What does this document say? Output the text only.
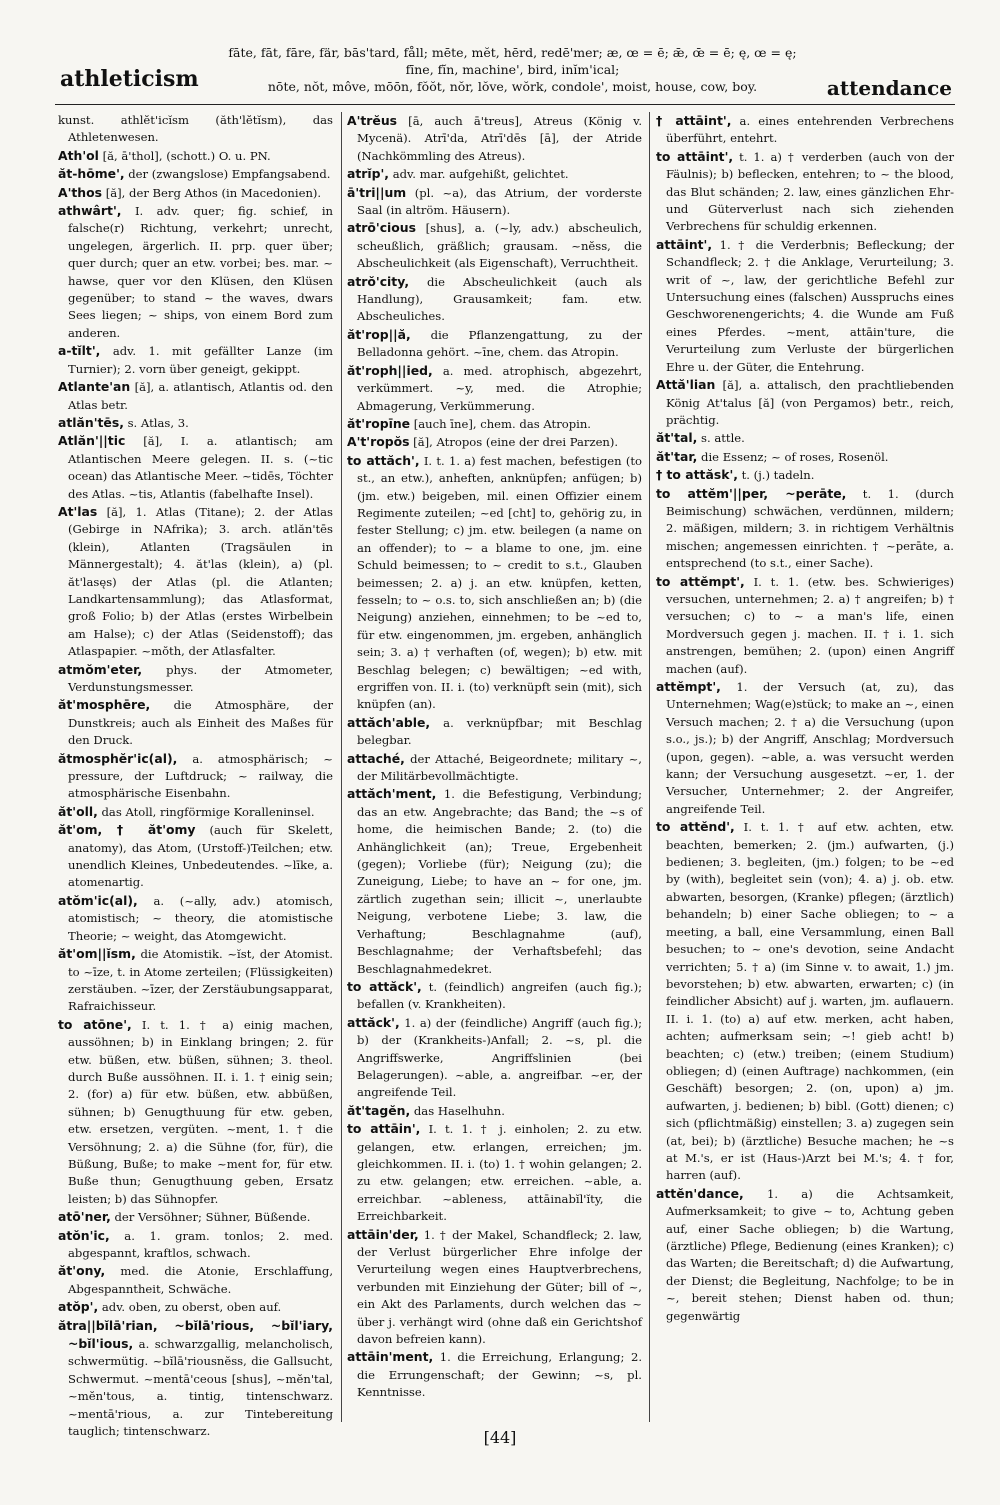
athleticism
fāte, fāt, fāre, fär, bās'tard, fåll; mēte, mĕt, hērd, redē'mer; æ, œ = ē; ǣ, œ̄ = ē; ę, œ = ę;
fīne, fĭn, machine', bird, inĭm'ical;
nōte, nŏt, môve, mōōn, fŏŏt, nŏr, lŏve, wŏrk, condole', moist, house, cow, boy.	attendance

kunst. athlĕt'icĭsm (ăth'lĕtĭsm), das Athletenwesen.

Ath'ol [ă, ā'thol], (schott.) O. u. PN.

ăt-hōme', der (zwangslose) Empfangsabend.

A'thos [ă], der Berg Athos (in Macedonien).

athwârt', I. adv. quer; fig. schief, in falsche(r) Richtung, verkehrt; unrecht, ungelegen, ärgerlich. II. prp. quer über; quer durch; quer an etw. vorbei; bes. mar. ~ hawse, quer vor den Klüsen, den Klüsen gegenüber; to stand ~ the waves, dwars Sees liegen; ~ ships, von einem Bord zum anderen.

a-tĭlt', adv. 1. mit gefällter Lanze (im Turnier); 2. vorn über geneigt, gekippt.

Atlante'an [ă], a. atlantisch, Atlantis od. den Atlas betr.

atlăn'tēs, s. Atlas, 3.

Atlăn'||tic [ă], I. a. atlantisch; am Atlantischen Meere gelegen. II. s. (~tic ocean) das Atlantische Meer. ~tidēs, Töchter des Atlas. ~tis, Atlantis (fabelhafte Insel).

At'las [ă], 1. Atlas (Titane); 2. der Atlas (Gebirge in NAfrika); 3. arch. atlăn'tēs (klein), Atlanten (Tragsäulen in Männergestalt); 4. ăt'las (klein), a) (pl. ăt'lasęs) der Atlas (pl. die Atlanten; Landkartensammlung); das Atlasformat, groß Folio; b) der Atlas (erstes Wirbelbein am Halse); c) der Atlas (Seidenstoff); das Atlaspapier. ~mŏth, der Atlasfalter.

atmŏm'eter, phys. der Atmometer, Verdunstungsmesser.

ăt'mosphēre, die Atmosphäre, der Dunstkreis; auch als Einheit des Maßes für den Druck.

ătmosphĕr'ic(al), a. atmosphärisch; ~ pressure, der Luftdruck; ~ railway, die atmosphärische Eisenbahn.

ăt'oll, das Atoll, ringförmige Koralleninsel.

ăt'om, † ăt'omy (auch für Skelett, anatomy), das Atom, (Urstoff-)Teilchen; etw. unendlich Kleines, Unbedeutendes. ~līke, a. atomenartig.

atŏm'ic(al), a. (~ally, adv.) atomisch, atomistisch; ~ theory, die atomistische Theorie; ~ weight, das Atomgewicht.

ăt'om||ĭsm, die Atomistik. ~ĭst, der Atomist. to ~īze, t. in Atome zerteilen; (Flüssigkeiten) zerstäuben. ~īzer, der Zerstäubungsapparat, Rafraichisseur.

to atōne', I. t. 1. † a) einig machen, aussöhnen; b) in Einklang bringen; 2. für etw. büßen, etw. büßen, sühnen; 3. theol. durch Buße aussöhnen. II. i. 1. † einig sein; 2. (for) a) für etw. büßen, etw. abbüßen, sühnen; b) Genugthuung für etw. geben, etw. ersetzen, vergüten. ~ment, 1. † die Versöhnung; 2. a) die Sühne (for, für), die Büßung, Buße; to make ~ment for, für etw. Buße thun; Genugthuung geben, Ersatz leisten; b) das Sühnopfer.

atō'ner, der Versöhner; Sühner, Büßende.

atŏn'ic, a. 1. gram. tonlos; 2. med. abgespannt, kraftlos, schwach.

ăt'ony, med. die Atonie, Erschlaffung, Abgespanntheit, Schwäche.

atŏp', adv. oben, zu oberst, oben auf.

ătra||bĭlā'rian, ~bĭlā'rious, ~bĭl'iary, ~bĭl'ious, a. schwarzgallig, melancholisch, schwermütig. ~bĭlā'riousnĕss, die Gallsucht, Schwermut. ~mentā'ceous [shus], ~mĕn'tal, ~mĕn'tous, a. tintig, tintenschwarz. ~mentā'rious, a. zur Tintebereitung tauglich; tintenschwarz.

A'trĕus [ā, auch ā'treus], Atreus (König v. Mycenä). Atrī'da, Atrī'dēs [ā], der Atride (Nachkömmling des Atreus).

atrĭp', adv. mar. aufgehißt, gelichtet.

ā'tri||um (pl. ~a), das Atrium, der vorderste Saal (in altröm. Häusern).

atrō'cious [shus], a. (~ly, adv.) abscheulich, scheußlich, gräßlich; grausam. ~nĕss, die Abscheulichkeit (als Eigenschaft), Verruchtheit.

atrŏ'city, die Abscheulichkeit (auch als Handlung), Grausamkeit; fam. etw. Abscheuliches.

ăt'rop||ă, die Pflanzengattung, zu der Belladonna gehört. ~īne, chem. das Atropin.

ăt'roph||ied, a. med. atrophisch, abgezehrt, verkümmert. ~y, med. die Atrophie; Abmagerung, Verkümmerung.

ăt'ropīne [auch īne], chem. das Atropin.

A't'ropŏs [ă], Atropos (eine der drei Parzen).

to attăch', I. t. 1. a) fest machen, befestigen (to st., an etw.), anheften, anknüpfen; anfügen; b) (jm. etw.) beigeben, mil. einen Offizier einem Regimente zuteilen; ~ed [cht] to, gehörig zu, in fester Stellung; c) jm. etw. beilegen (a name on an offender); to ~ a blame to one, jm. eine Schuld beimessen; to ~ credit to s.t., Glauben beimessen; 2. a) j. an etw. knüpfen, ketten, fesseln; to ~ o.s. to, sich anschließen an; b) (die Neigung) anziehen, einnehmen; to be ~ed to, für etw. eingenommen, jm. ergeben, anhänglich sein; 3. a) † verhaften (of, wegen); b) etw. mit Beschlag belegen; c) bewältigen; ~ed with, ergriffen von. II. i. (to) verknüpft sein (mit), sich knüpfen (an).

attăch'able, a. verknüpfbar; mit Beschlag belegbar.

attaché, der Attaché, Beigeordnete; military ~, der Militärbevollmächtigte.

attăch'ment, 1. die Befestigung, Verbindung; das an etw. Angebrachte; das Band; the ~s of home, die heimischen Bande; 2. (to) die Anhänglichkeit (an); Treue, Ergebenheit (gegen); Vorliebe (für); Neigung (zu); die Zuneigung, Liebe; to have an ~ for one, jm. zärtlich zugethan sein; illicit ~, unerlaubte Neigung, verbotene Liebe; 3. law, die Verhaftung; Beschlagnahme (auf), Beschlagnahme; der Verhaftsbefehl; das Beschlagnahmedekret.

to attăck', t. (feindlich) angreifen (auch fig.); befallen (v. Krankheiten).

attăck', 1. a) der (feindliche) Angriff (auch fig.); b) der (Krankheits-)Anfall; 2. ~s, pl. die Angriffswerke, Angriffslinien (bei Belagerungen). ~able, a. angreifbar. ~er, der angreifende Teil.

ăt'tagĕn, das Haselhuhn.

to attāin', I. t. 1. † j. einholen; 2. zu etw. gelangen, etw. erlangen, erreichen; jm. gleichkommen. II. i. (to) 1. † wohin gelangen; 2. zu etw. gelangen; etw. erreichen. ~able, a. erreichbar. ~ableness, attāinabĭl'ĭty, die Erreichbarkeit.

attāin'der, 1. † der Makel, Schandfleck; 2. law, der Verlust bürgerlicher Ehre infolge der Verurteilung wegen eines Hauptverbrechens, verbunden mit Einziehung der Güter; bill of ~, ein Akt des Parlaments, durch welchen das ~ über j. verhängt wird (ohne daß ein Gerichtshof davon befreien kann).

attāin'ment, 1. die Erreichung, Erlangung; 2. die Errungenschaft; der Gewinn; ~s, pl. Kenntnisse.

† attāint', a. eines entehrenden Verbrechens überführt, entehrt.

to attāint', t. 1. a) † verderben (auch von der Fäulnis); b) beflecken, entehren; to ~ the blood, das Blut schänden; 2. law, eines gänzlichen Ehr- und Güterverlust nach sich ziehenden Verbrechens für schuldig erkennen.

attāint', 1. † die Verderbnis; Befleckung; der Schandfleck; 2. † die Anklage, Verurteilung; 3. writ of ~, law, der gerichtliche Befehl zur Untersuchung eines (falschen) Ausspruchs eines Geschworenengerichts; 4. die Wunde am Fuß eines Pferdes. ~ment, attāin'ture, die Verurteilung zum Verluste der bürgerlichen Ehre u. der Güter, die Entehrung.

Attă'lian [ă], a. attalisch, den prachtliebenden König At'talus [ă] (von Pergamos) betr., reich, prächtig.

ăt'tal, s. attle.

ăt'tar, die Essenz; ~ of roses, Rosenöl.

† to attăsk', t. (j.) tadeln.

to attĕm'||per, ~perāte, t. 1. (durch Beimischung) schwächen, verdünnen, mildern; 2. mäßigen, mildern; 3. in richtigem Verhältnis mischen; angemessen einrichten. † ~perāte, a. entsprechend (to s.t., einer Sache).

to attĕmpt', I. t. 1. (etw. bes. Schwieriges) versuchen, unternehmen; 2. a) † angreifen; b) † versuchen; c) to ~ a man's life, einen Mordversuch gegen j. machen. II. † i. 1. sich anstrengen, bemühen; 2. (upon) einen Angriff machen (auf).

attĕmpt', 1. der Versuch (at, zu), das Unternehmen; Wag(e)stück; to make an ~, einen Versuch machen; 2. † a) die Versuchung (upon s.o., js.); b) der Angriff, Anschlag; Mordversuch (upon, gegen). ~able, a. was versucht werden kann; der Versuchung ausgesetzt. ~er, 1. der Versucher, Unternehmer; 2. der Angreifer, angreifende Teil.

to attĕnd', I. t. 1. † auf etw. achten, etw. beachten, bemerken; 2. (jm.) aufwarten, (j.) bedienen; 3. begleiten, (jm.) folgen; to be ~ed by (with), begleitet sein (von); 4. a) j. ob. etw. abwarten, besorgen, (Kranke) pflegen; (ärztlich) behandeln; b) einer Sache obliegen; to ~ a meeting, a ball, eine Versammlung, einen Ball besuchen; to ~ one's devotion, seine Andacht verrichten; 5. † a) (im Sinne v. to await, 1.) jm. bevorstehen; b) etw. abwarten, erwarten; c) (in feindlicher Absicht) auf j. warten, jm. auflauern. II. i. 1. (to) a) auf etw. merken, acht haben, achten; aufmerksam sein; ~! gieb acht! b) beachten; c) (etw.) treiben; (einem Studium) obliegen; d) (einen Auftrage) nachkommen, (ein Geschäft) besorgen; 2. (on, upon) a) jm. aufwarten, j. bedienen; b) bibl. (Gott) dienen; c) sich (pflichtmäßig) einstellen; 3. a) zugegen sein (at, bei); b) (ärztliche) Besuche machen; he ~s at M.'s, er ist (Haus-)Arzt bei M.'s; 4. † for, harren (auf).

attĕn'dance, 1. a) die Achtsamkeit, Aufmerksamkeit; to give ~ to, Achtung geben auf, einer Sache obliegen; b) die Wartung, (ärztliche) Pflege, Bedienung (eines Kranken); c) das Warten; die Bereitschaft; d) die Aufwartung, der Dienst; die Begleitung, Nachfolge; to be in ~, bereit stehen; Dienst haben od. thun; gegenwärtig

[44]
